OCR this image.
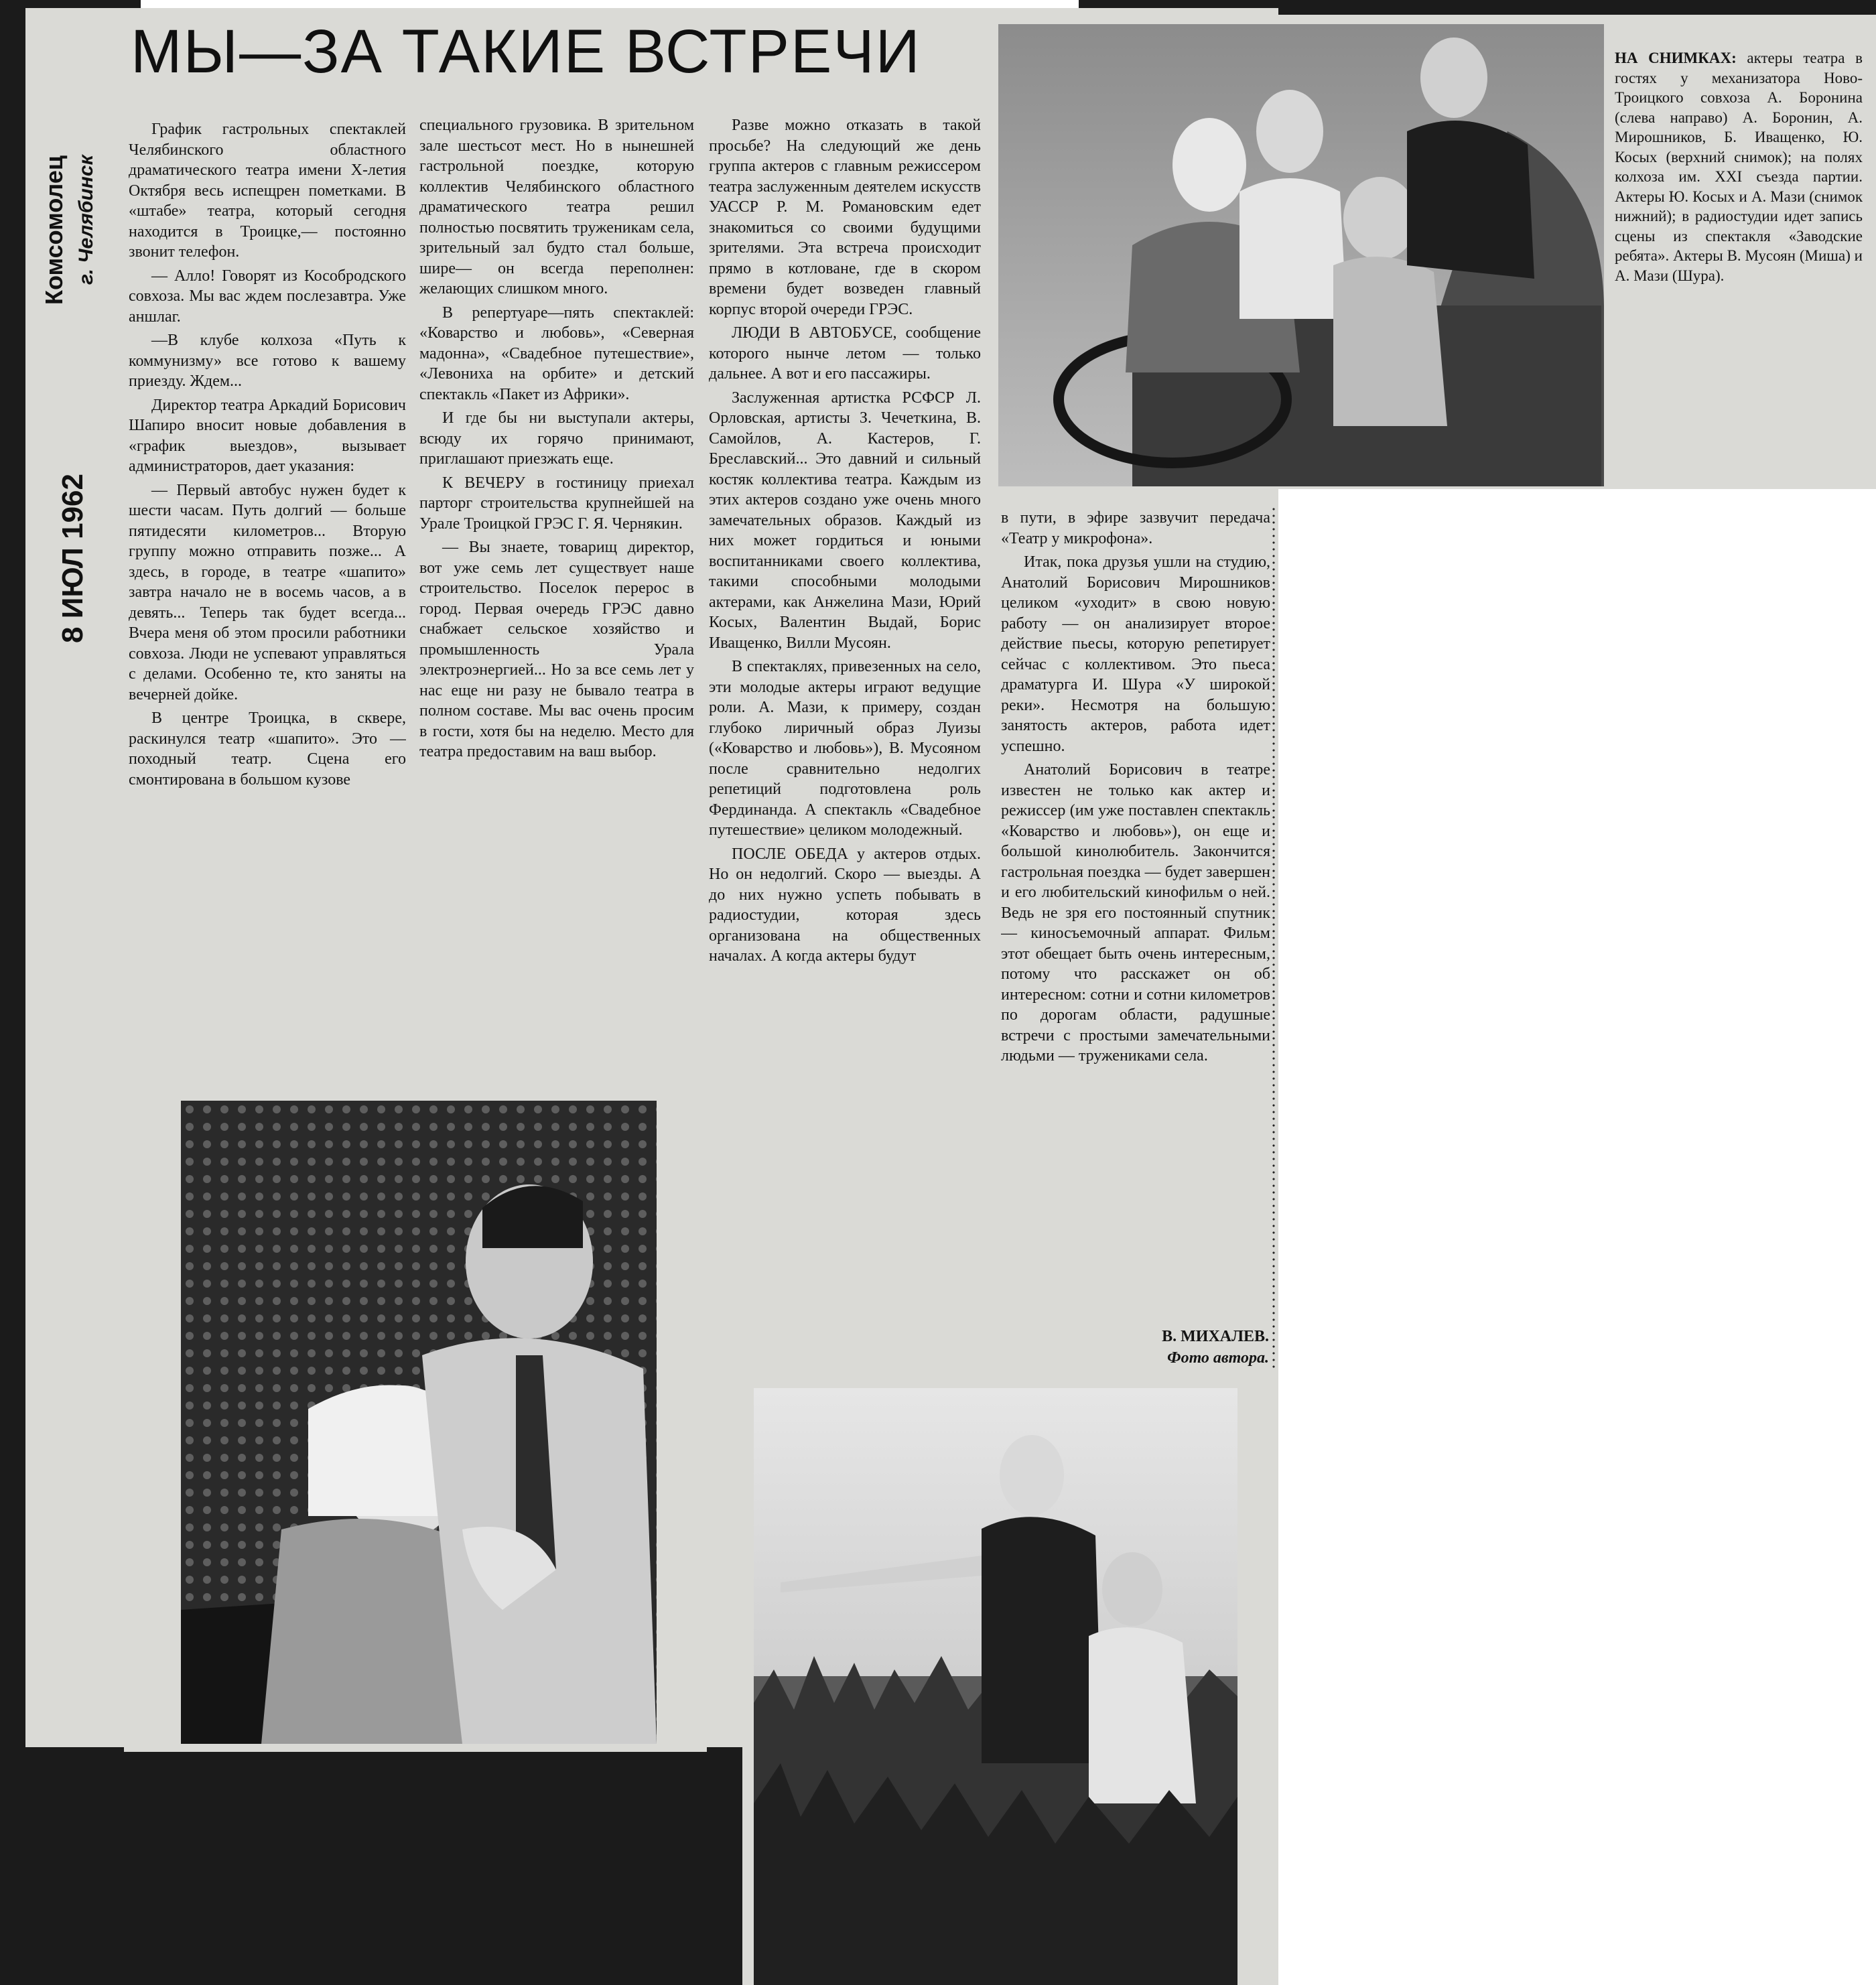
МЫ—ЗА ТАКИЕ ВСТРЕЧИ
Комсомолец г. Челябинск
8 ИЮЛ 1962

График гастрольных спектаклей Челябинского областного драматического театра имени Х-летия Октября весь испещрен пометками. В «штабе» театра, который сегодня находится в Троицке,— постоянно звонит телефон.

— Алло! Говорят из Кособродского совхоза. Мы вас ждем послезавтра. Уже аншлаг.

—В клубе колхоза «Путь к коммунизму» все готово к вашему приезду. Ждем...

Директор театра Аркадий Борисович Шапиро вносит новые добавления в «график выездов», вызывает администраторов, дает указания:

— Первый автобус нужен будет к шести часам. Путь долгий — больше пятидесяти километров... Вторую группу можно отправить позже... А здесь, в городе, в театре «шапито» завтра начало не в восемь часов, а в девять... Теперь так будет всегда... Вчера меня об этом просили работники совхоза. Люди не успевают управляться с делами. Особенно те, кто заняты на вечерней дойке.

В центре Троицка, в сквере, раскинулся театр «шапито». Это — походный театр. Сцена его смонтирована в большом кузове

специального грузовика. В зрительном зале шестьсот мест. Но в нынешней гастрольной поездке, которую коллектив Челябинского областного драматического театра решил полностью посвятить труженикам села, зрительный зал будто стал больше, шире— он всегда переполнен: желающих слишком много.

В репертуаре—пять спектаклей: «Коварство и любовь», «Северная мадонна», «Свадебное путешествие», «Левониха на орбите» и детский спектакль «Пакет из Африки».

И где бы ни выступали актеры, всюду их горячо принимают, приглашают приезжать еще.

К ВЕЧЕРУ в гостиницу приехал парторг строительства крупнейшей на Урале Троицкой ГРЭС Г. Я. Чернякин.

— Вы знаете, товарищ директор, вот уже семь лет существует наше строительство. Поселок перерос в город. Первая очередь ГРЭС давно снабжает сельское хозяйство и промышленность Урала электроэнергией... Но за все семь лет у нас еще ни разу не бывало театра в полном составе. Мы вас очень просим в гости, хотя бы на неделю. Место для театра предоставим на ваш выбор.

Разве можно отказать в такой просьбе? На следующий же день группа актеров с главным режиссером театра заслуженным деятелем искусств УАССР Р. М. Романовским едет знакомиться со своими будущими зрителями. Эта встреча происходит прямо в котловане, где в скором времени будет возведен главный корпус второй очереди ГРЭС.

ЛЮДИ В АВТОБУСЕ, сообщение которого нынче летом — только дальнее. А вот и его пассажиры.

Заслуженная артистка РСФСР Л. Орловская, артисты З. Чечеткина, В. Самойлов, А. Кастеров, Г. Бреславский... Это давний и сильный костяк коллектива театра. Каждым из этих актеров создано уже очень много замечательных образов. Каждый из них может гордиться и юными воспитанниками своего коллектива, такими способными молодыми актерами, как Анжелина Мази, Юрий Косых, Валентин Выдай, Борис Иващенко, Вилли Мусоян.

В спектаклях, привезенных на село, эти молодые актеры играют ведущие роли. А. Мази, к примеру, создан глубоко лиричный образ Луизы («Коварство и любовь»), В. Мусояном после сравнительно недолгих репетиций подготовлена роль Фердинанда. А спектакль «Свадебное путешествие» целиком молодежный.

ПОСЛЕ ОБЕДА у актеров отдых. Но он недолгий. Скоро — выезды. А до них нужно успеть побывать в радиостудии, которая здесь организована на общественных началах. А когда актеры будут

в пути, в эфире зазвучит передача «Театр у микрофона».

Итак, пока друзья ушли на студию, Анатолий Борисович Мирошников целиком «уходит» в свою новую работу — он анализирует второе действие пьесы, которую репетирует сейчас с коллективом. Это пьеса драматурга И. Шура «У широкой реки». Несмотря на большую занятость актеров, работа идет успешно.

Анатолий Борисович в театре известен не только как актер и режиссер (им уже поставлен спектакль «Коварство и любовь»), он еще и большой кинолюбитель. Закончится гастрольная поездка — будет завершен и его любительский кинофильм о ней. Ведь не зря его постоянный спутник — киносъемочный аппарат. Фильм этот обещает быть очень интересным, потому что расскажет он об интересном: сотни и сотни километров по дорогам области, радушные встречи с простыми замечательными людьми — тружениками села.

В. МИХАЛЕВ.
Фото автора.
НА СНИМКАХ: актеры театра в гостях у механизатора Ново-Троицкого совхоза А. Боронина (слева направо) А. Боронин, А. Мирошников, Б. Иващенко, Ю. Косых (верхний снимок); на полях колхоза им. XXI съезда партии. Актеры Ю. Косых и А. Мази (снимок нижний); в радиостудии идет запись сцены из спектакля «Заводские ребята». Актеры В. Мусоян (Миша) и А. Мази (Шура).
